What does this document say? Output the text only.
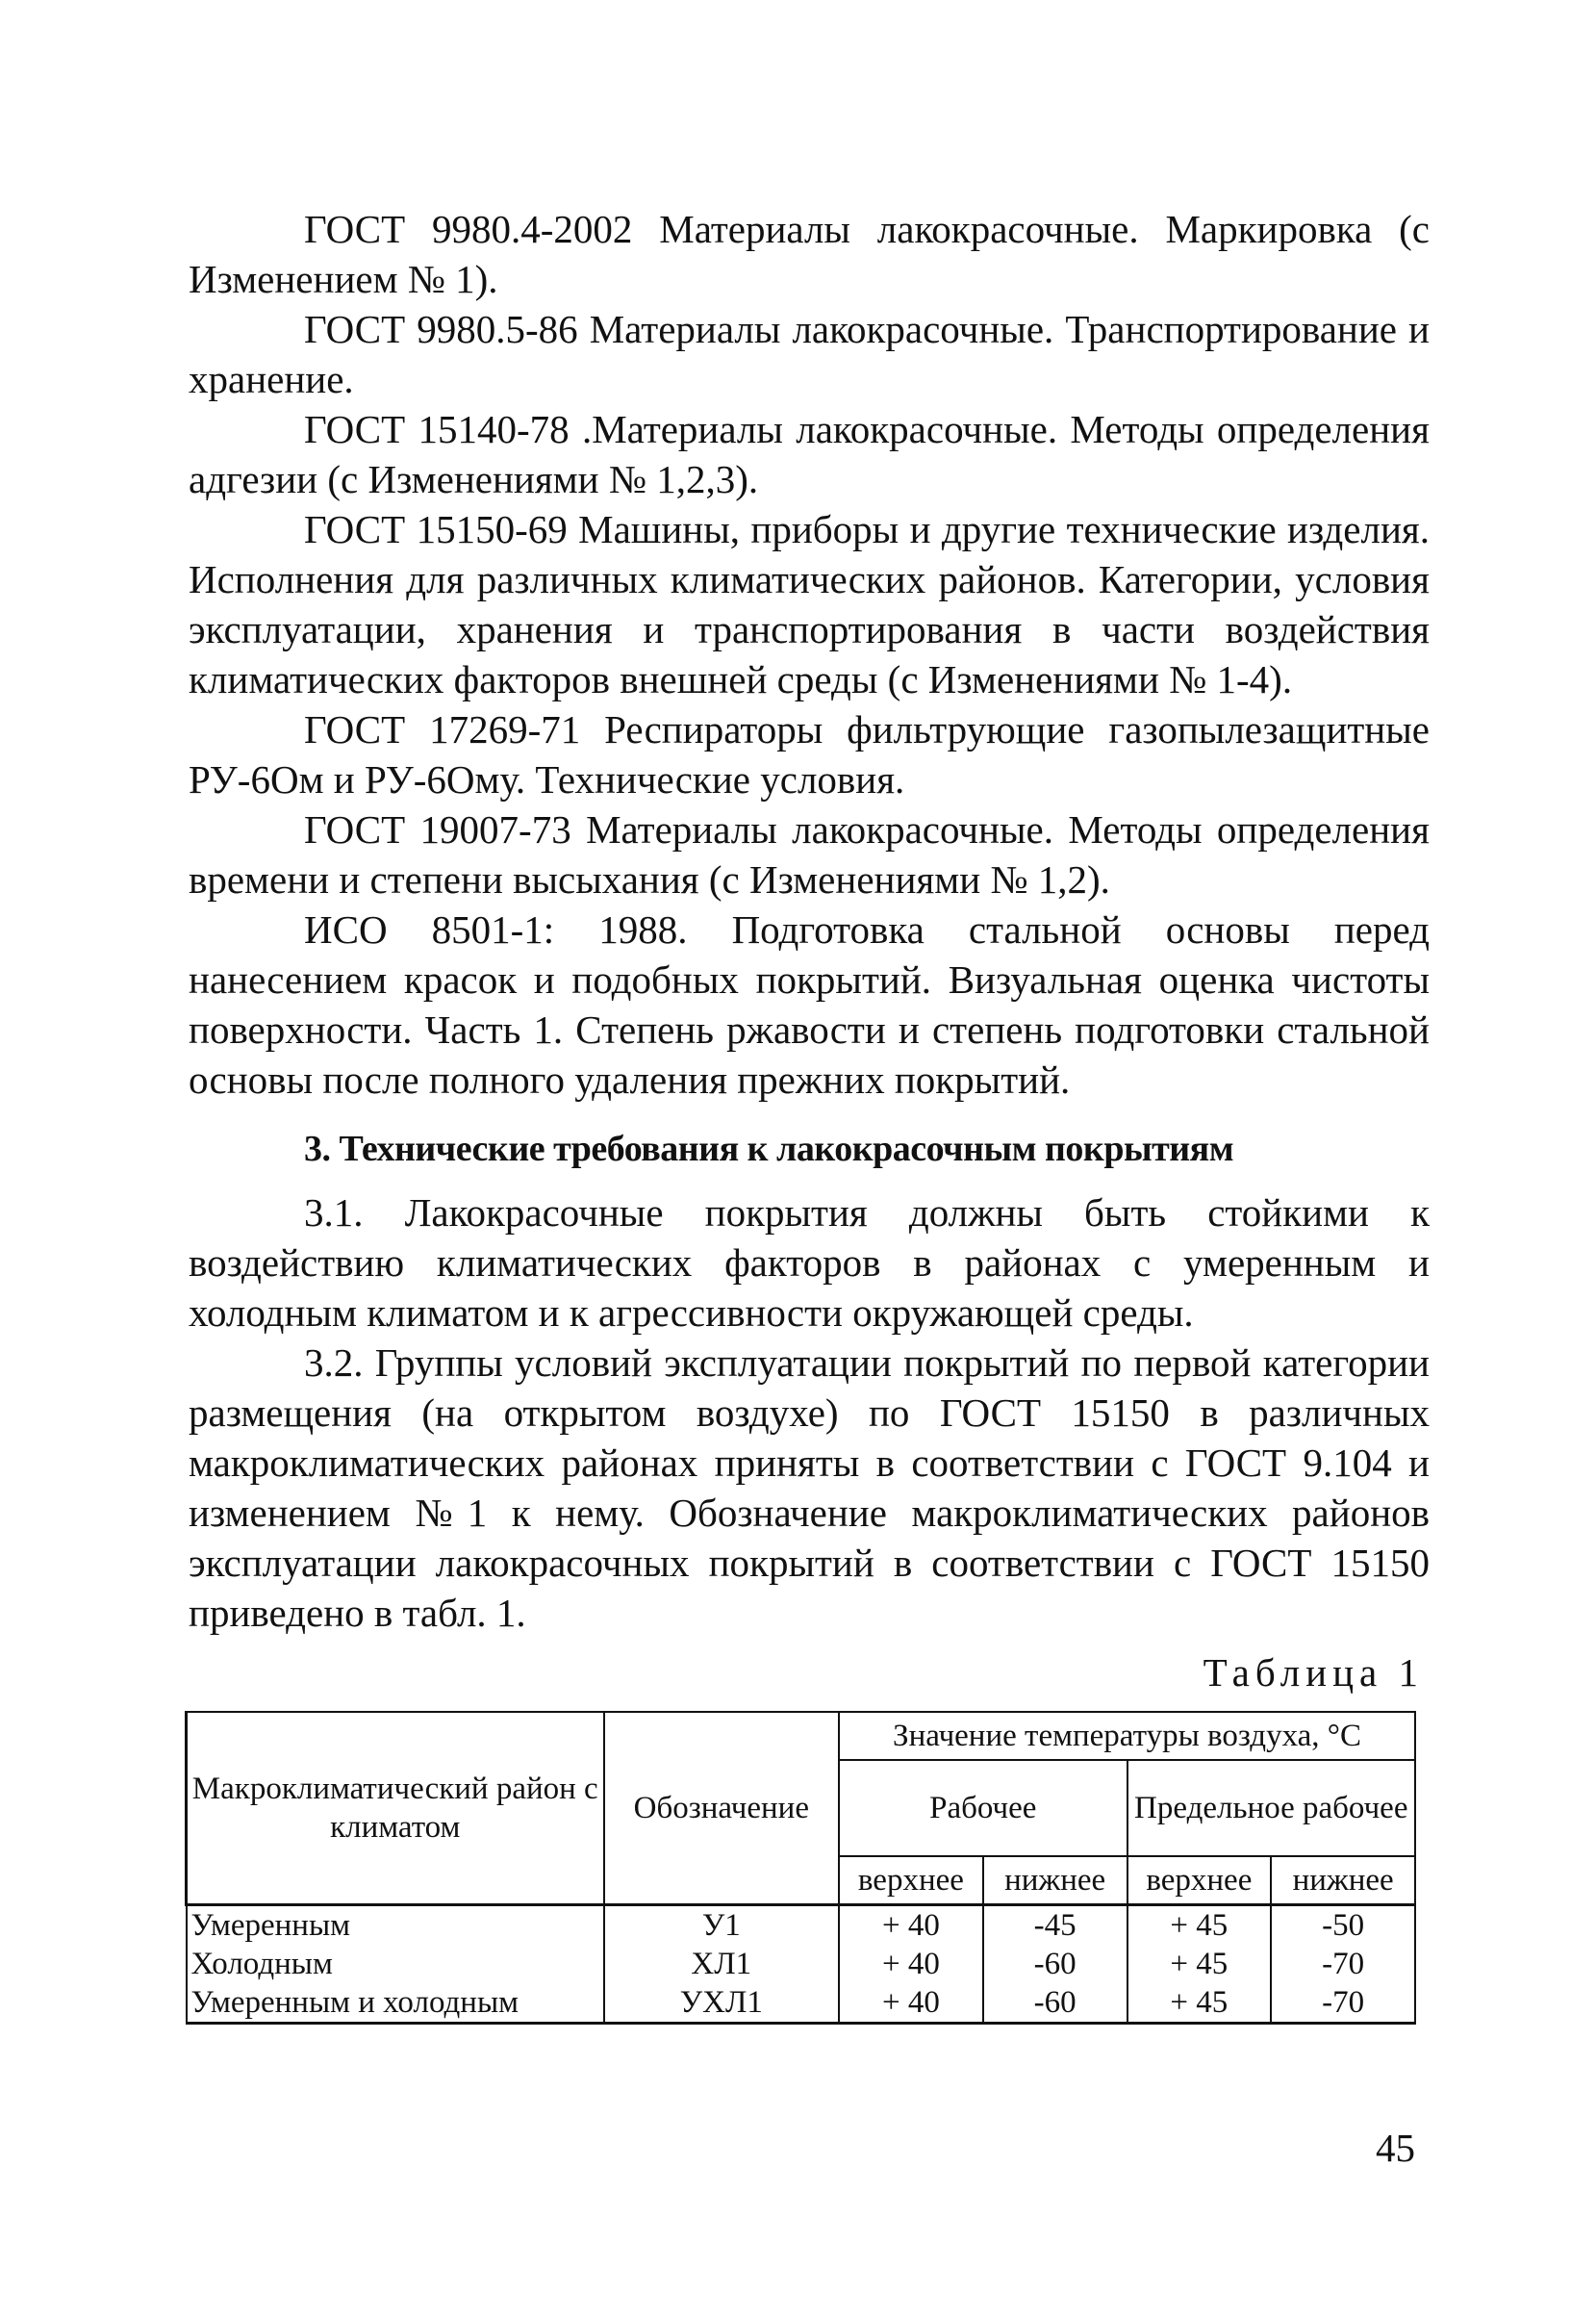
ГОСТ 9980.4-2002 Материалы лакокрасочные. Маркировка (с Изменением № 1).

ГОСТ 9980.5-86 Материалы лакокрасочные. Транспортирование и хранение.

ГОСТ 15140-78 .Материалы лакокрасочные. Методы определения адгезии (с Изменениями № 1,2,3).

ГОСТ 15150-69 Машины, приборы и другие технические изделия. Исполнения для различных климатических районов. Категории, условия эксплуатации, хранения и транспортирования в части воздействия климатических факторов внешней среды (с Изменениями № 1-4).

ГОСТ 17269-71 Респираторы фильтрующие газопылезащитные РУ-6Ом и РУ-6Ому. Технические условия.

ГОСТ 19007-73 Материалы лакокрасочные. Методы определения времени и степени высыхания (с Изменениями № 1,2).

ИСО 8501-1: 1988. Подготовка стальной основы перед нанесением красок и подобных покрытий. Визуальная оценка чистоты поверхности. Часть 1. Степень ржавости и степень подготовки стальной основы после полного удаления прежних покрытий.

3. Технические требования к лакокрасочным покрытиям

3.1. Лакокрасочные покрытия должны быть стойкими к воздействию климатических факторов в районах с умеренным и холодным климатом и к агрессивности окружающей среды.

3.2. Группы условий эксплуатации покрытий по первой категории размещения (на открытом воздухе) по ГОСТ 15150 в различных макроклиматических районах приняты в соответствии с ГОСТ 9.104 и изменением №1 к нему. Обозначение макроклиматических районов эксплуатации лакокрасочных покрытий в соответствии с ГОСТ 15150 приведено в табл. 1.

Таблица 1
Макроклиматический район с климатом	Обозначение	Значение температуры воздуха, °С			
		Рабочее		Предельное рабочее	
		верхнее	нижнее	верхнее	нижнее
Умеренным	У1	+ 40	-45	+ 45	-50
Холодным	ХЛ1	+ 40	-60	+ 45	-70
Умеренным и холодным	УХЛ1	+ 40	-60	+ 45	-70
45
